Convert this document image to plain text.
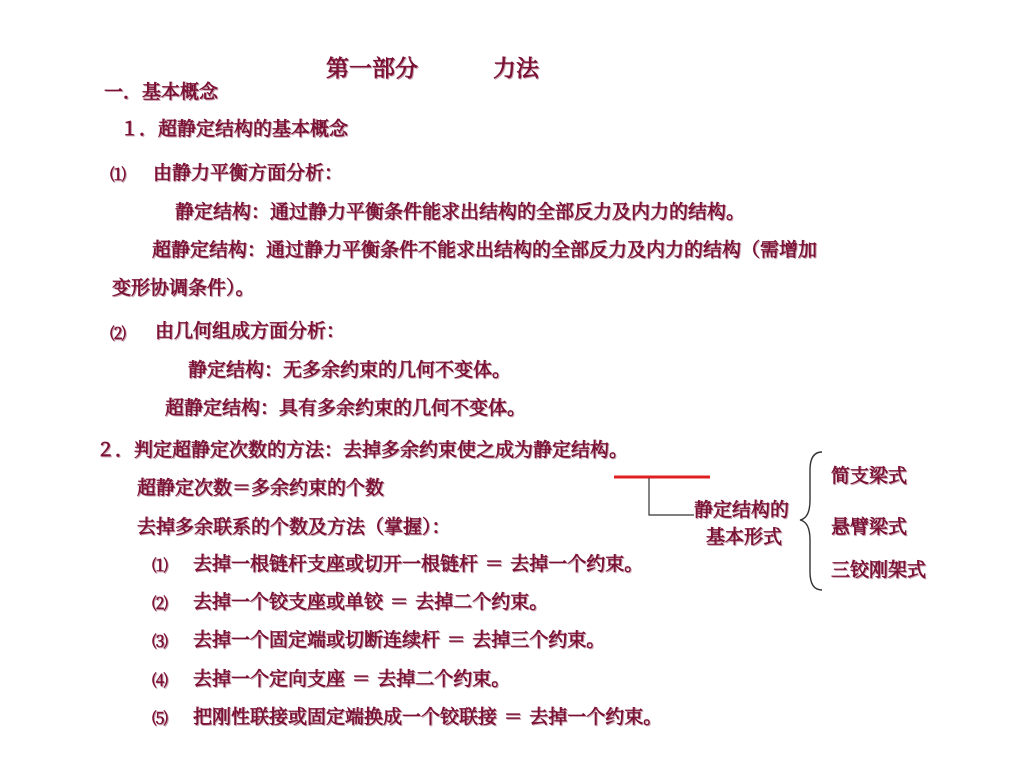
第一部分	力法
一．基本概念
１．超静定结构的基本概念
⑴ 由静力平衡方面分析：
静定结构：通过静力平衡条件能求出结构的全部反力及内力的结构。
超静定结构：通过静力平衡条件不能求出结构的全部反力及内力的结构（需增加
变形协调条件）。
⑵ 由几何组成方面分析：
静定结构：无多余约束的几何不变体。
超静定结构：具有多余约束的几何不变体。
２．判定超静定次数的方法：去掉多余约束使之成为静定结构。
超静定次数＝多余约束的个数
去掉多余联系的个数及方法（掌握）：
⑴ 去掉一根链杆支座或切开一根链杆 ＝ 去掉一个约束。
⑵ 去掉一个铰支座或单铰 ＝ 去掉二个约束。
⑶ 去掉一个固定端或切断连续杆 ＝ 去掉三个约束。
⑷ 去掉一个定向支座 ＝ 去掉二个约束。
⑸ 把刚性联接或固定端换成一个铰联接 ＝ 去掉一个约束。
静定结构的
基本形式
简支梁式
悬臂梁式
三铰刚架式
